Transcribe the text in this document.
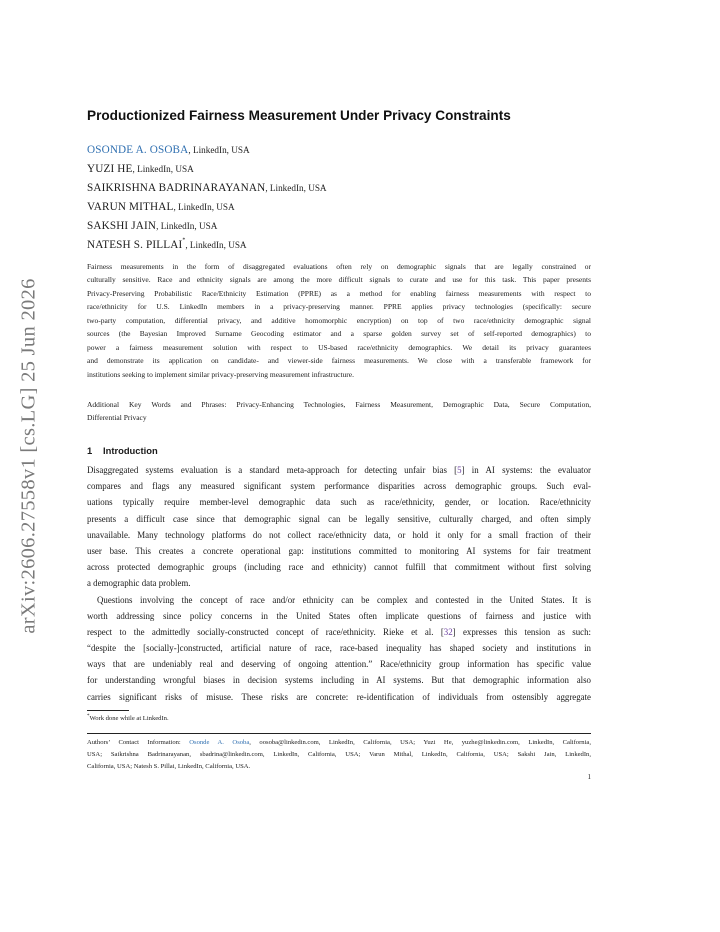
arXiv:2606.27558v1 [cs.LG] 25 Jun 2026
Productionized Fairness Measurement Under Privacy Constraints
OSONDE A. OSOBA, LinkedIn, USA
YUZI HE, LinkedIn, USA
SAIKRISHNA BADRINARAYANAN, LinkedIn, USA
VARUN MITHAL, LinkedIn, USA
SAKSHI JAIN, LinkedIn, USA
NATESH S. PILLAI*, LinkedIn, USA
Fairness measurements in the form of disaggregated evaluations often rely on demographic signals that are legally constrained or
culturally sensitive. Race and ethnicity signals are among the more difficult signals to curate and use for this task. This paper presents
Privacy-Preserving Probabilistic Race/Ethnicity Estimation (PPRE) as a method for enabling fairness measurements with respect to
race/ethnicity for U.S. LinkedIn members in a privacy-preserving manner. PPRE applies privacy technologies (specifically: secure
two-party computation, differential privacy, and additive homomorphic encryption) on top of two race/ethnicity demographic signal
sources (the Bayesian Improved Surname Geocoding estimator and a sparse golden survey set of self-reported demographics) to
power a fairness measurement solution with respect to US-based race/ethnicity demographics. We detail its privacy guarantees
and demonstrate its application on candidate- and viewer-side fairness measurements. We close with a transferable framework for
institutions seeking to implement similar privacy-preserving measurement infrastructure.
Additional Key Words and Phrases: Privacy-Enhancing Technologies, Fairness Measurement, Demographic Data, Secure Computation,
Differential Privacy
1 Introduction
Disaggregated systems evaluation is a standard meta-approach for detecting unfair bias [5] in AI systems: the evaluator
compares and flags any measured significant system performance disparities across demographic groups. Such eval-
uations typically require member-level demographic data such as race/ethnicity, gender, or location. Race/ethnicity
presents a difficult case since that demographic signal can be legally sensitive, culturally charged, and often simply
unavailable. Many technology platforms do not collect race/ethnicity data, or hold it only for a small fraction of their
user base. This creates a concrete operational gap: institutions committed to monitoring AI systems for fair treatment
across protected demographic groups (including race and ethnicity) cannot fulfill that commitment without first solving
a demographic data problem.
Questions involving the concept of race and/or ethnicity can be complex and contested in the United States. It is
worth addressing since policy concerns in the United States often implicate questions of fairness and justice with
respect to the admittedly socially-constructed concept of race/ethnicity. Rieke et al. [32] expresses this tension as such:
“despite the [socially-]constructed, artificial nature of race, race-based inequality has shaped society and institutions in
ways that are undeniably real and deserving of ongoing attention.” Race/ethnicity group information has specific value
for understanding wrongful biases in decision systems including in AI systems. But that demographic information also
carries significant risks of misuse. These risks are concrete: re-identification of individuals from ostensibly aggregate
*Work done while at LinkedIn.
Authors’ Contact Information: Osonde A. Osoba, oosoba@linkedin.com, LinkedIn, California, USA; Yuzi He, yuzhe@linkedin.com, LinkedIn, California,
USA; Saikrishna Badrinarayanan, sbadrina@linkedin.com, LinkedIn, California, USA; Varun Mithal, LinkedIn, California, USA; Sakshi Jain, LinkedIn,
California, USA; Natesh S. Pillai, LinkedIn, California, USA.
1
